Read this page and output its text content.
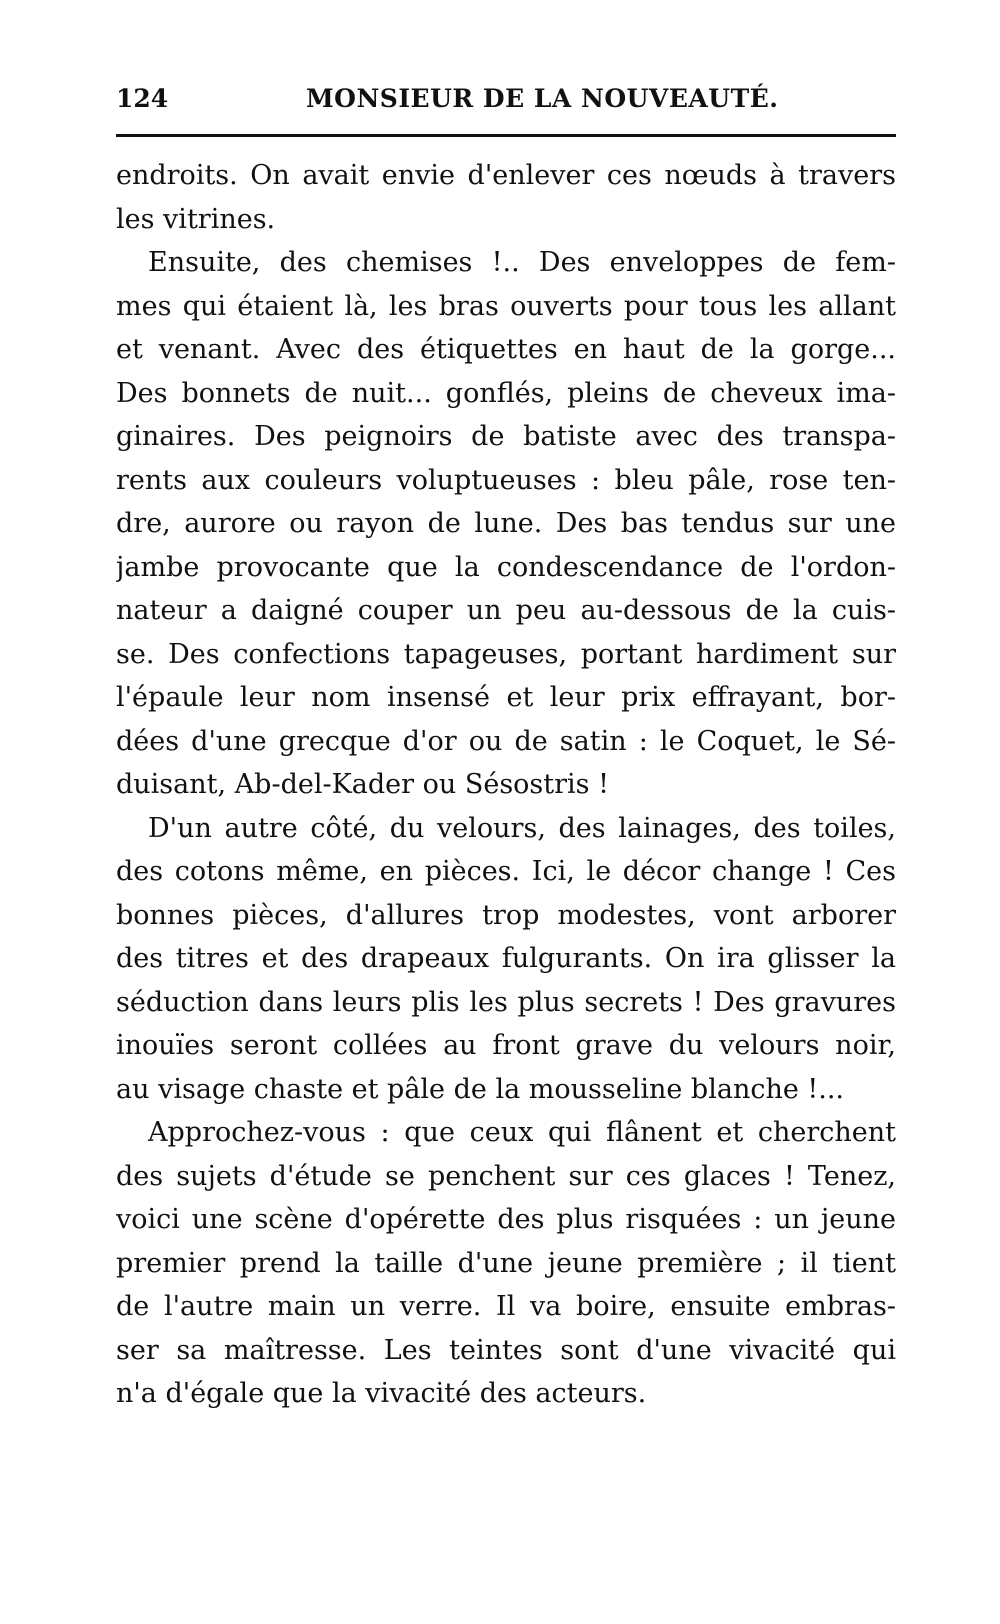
124	MONSIEUR DE LA NOUVEAUTÉ.
endroits. On avait envie d'enlever ces nœuds à travers
les vitrines.
Ensuite, des chemises !.. Des enveloppes de fem-
mes qui étaient là, les bras ouverts pour tous les allant
et venant. Avec des étiquettes en haut de la gorge...
Des bonnets de nuit... gonflés, pleins de cheveux ima-
ginaires. Des peignoirs de batiste avec des transpa-
rents aux couleurs voluptueuses : bleu pâle, rose ten-
dre, aurore ou rayon de lune. Des bas tendus sur une
jambe provocante que la condescendance de l'ordon-
nateur a daigné couper un peu au-dessous de la cuis-
se. Des confections tapageuses, portant hardiment sur
l'épaule leur nom insensé et leur prix effrayant, bor-
dées d'une grecque d'or ou de satin : le Coquet, le Sé-
duisant, Ab-del-Kader ou Sésostris !
D'un autre côté, du velours, des lainages, des toiles,
des cotons même, en pièces. Ici, le décor change ! Ces
bonnes pièces, d'allures trop modestes, vont arborer
des titres et des drapeaux fulgurants. On ira glisser la
séduction dans leurs plis les plus secrets ! Des gravures
inouïes seront collées au front grave du velours noir,
au visage chaste et pâle de la mousseline blanche !...
Approchez-vous : que ceux qui flânent et cherchent
des sujets d'étude se penchent sur ces glaces ! Tenez,
voici une scène d'opérette des plus risquées : un jeune
premier prend la taille d'une jeune première ; il tient
de l'autre main un verre. Il va boire, ensuite embras-
ser sa maîtresse. Les teintes sont d'une vivacité qui
n'a d'égale que la vivacité des acteurs.
